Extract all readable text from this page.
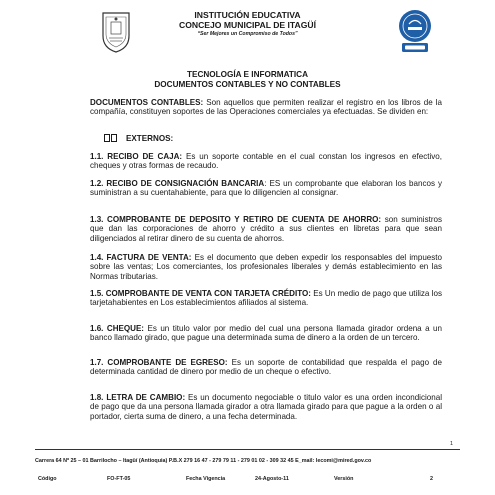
INSTITUCIÓN EDUCATIVA
CONCEJO MUNICIPAL DE ITAGÜÍ
“Ser Mejores un Compromiso de Todos”
TECNOLOGÍA E INFORMATICA
DOCUMENTOS CONTABLES Y NO CONTABLES
DOCUMENTOS CONTABLES: Son aquellos que permiten realizar el registro en los libros de la compañía, constituyen soportes de las Operaciones comerciales ya efectuadas. Se dividen en:
EXTERNOS:
1.1. RECIBO DE CAJA: Es un soporte contable en el cual constan los ingresos en efectivo, cheques y otras formas de recaudo.
1.2. RECIBO DE CONSIGNACIÓN BANCARIA: ES un comprobante que elaboran los bancos y suministran a su cuentahabiente, para que lo diligencien al consignar.
1.3. COMPROBANTE DE DEPOSITO Y RETIRO DE CUENTA DE AHORRO: son suministros que dan las corporaciones de ahorro y crédito a sus clientes en libretas para que sean diligenciados al retirar dinero de su cuenta de ahorros.
1.4. FACTURA DE VENTA: Es el documento que deben expedir los responsables del impuesto sobre las ventas; Los comerciantes, los profesionales liberales y demás establecimiento en las Normas tributarias.
1.5. COMPROBANTE DE VENTA CON TARJETA CRÉDITO: Es Un medio de pago que utiliza los tarjetahabientes en Los establecimientos afiliados al sistema.
1.6. CHEQUE: Es un titulo valor por medio del cual una persona llamada girador ordena a un banco llamado girado, que pague una determinada suma de dinero a la orden de un tercero.
1.7. COMPROBANTE DE EGRESO: Es un soporte de contabilidad que respalda el pago de determinada cantidad de dinero por medio de un cheque o efectivo.
1.8. LETRA DE CAMBIO: Es un documento negociable o titulo valor es una orden incondicional de pago que da una persona llamada girador a otra llamada girado para que pague a la orden o al portador, cierta suma de dinero, a una fecha determinada.
1
Carrera 64 Nº 25 – 01 Barrilocho – Itagüí (Antioquia) P.B.X 279 16 47 - 279 79 11 - 279 01 02 - 309 32 45 E_mail: lecomi@mired.gov.co
Código	FO-FT-05	Fecha Vigencia	24-Agosto-11	Versión	2
